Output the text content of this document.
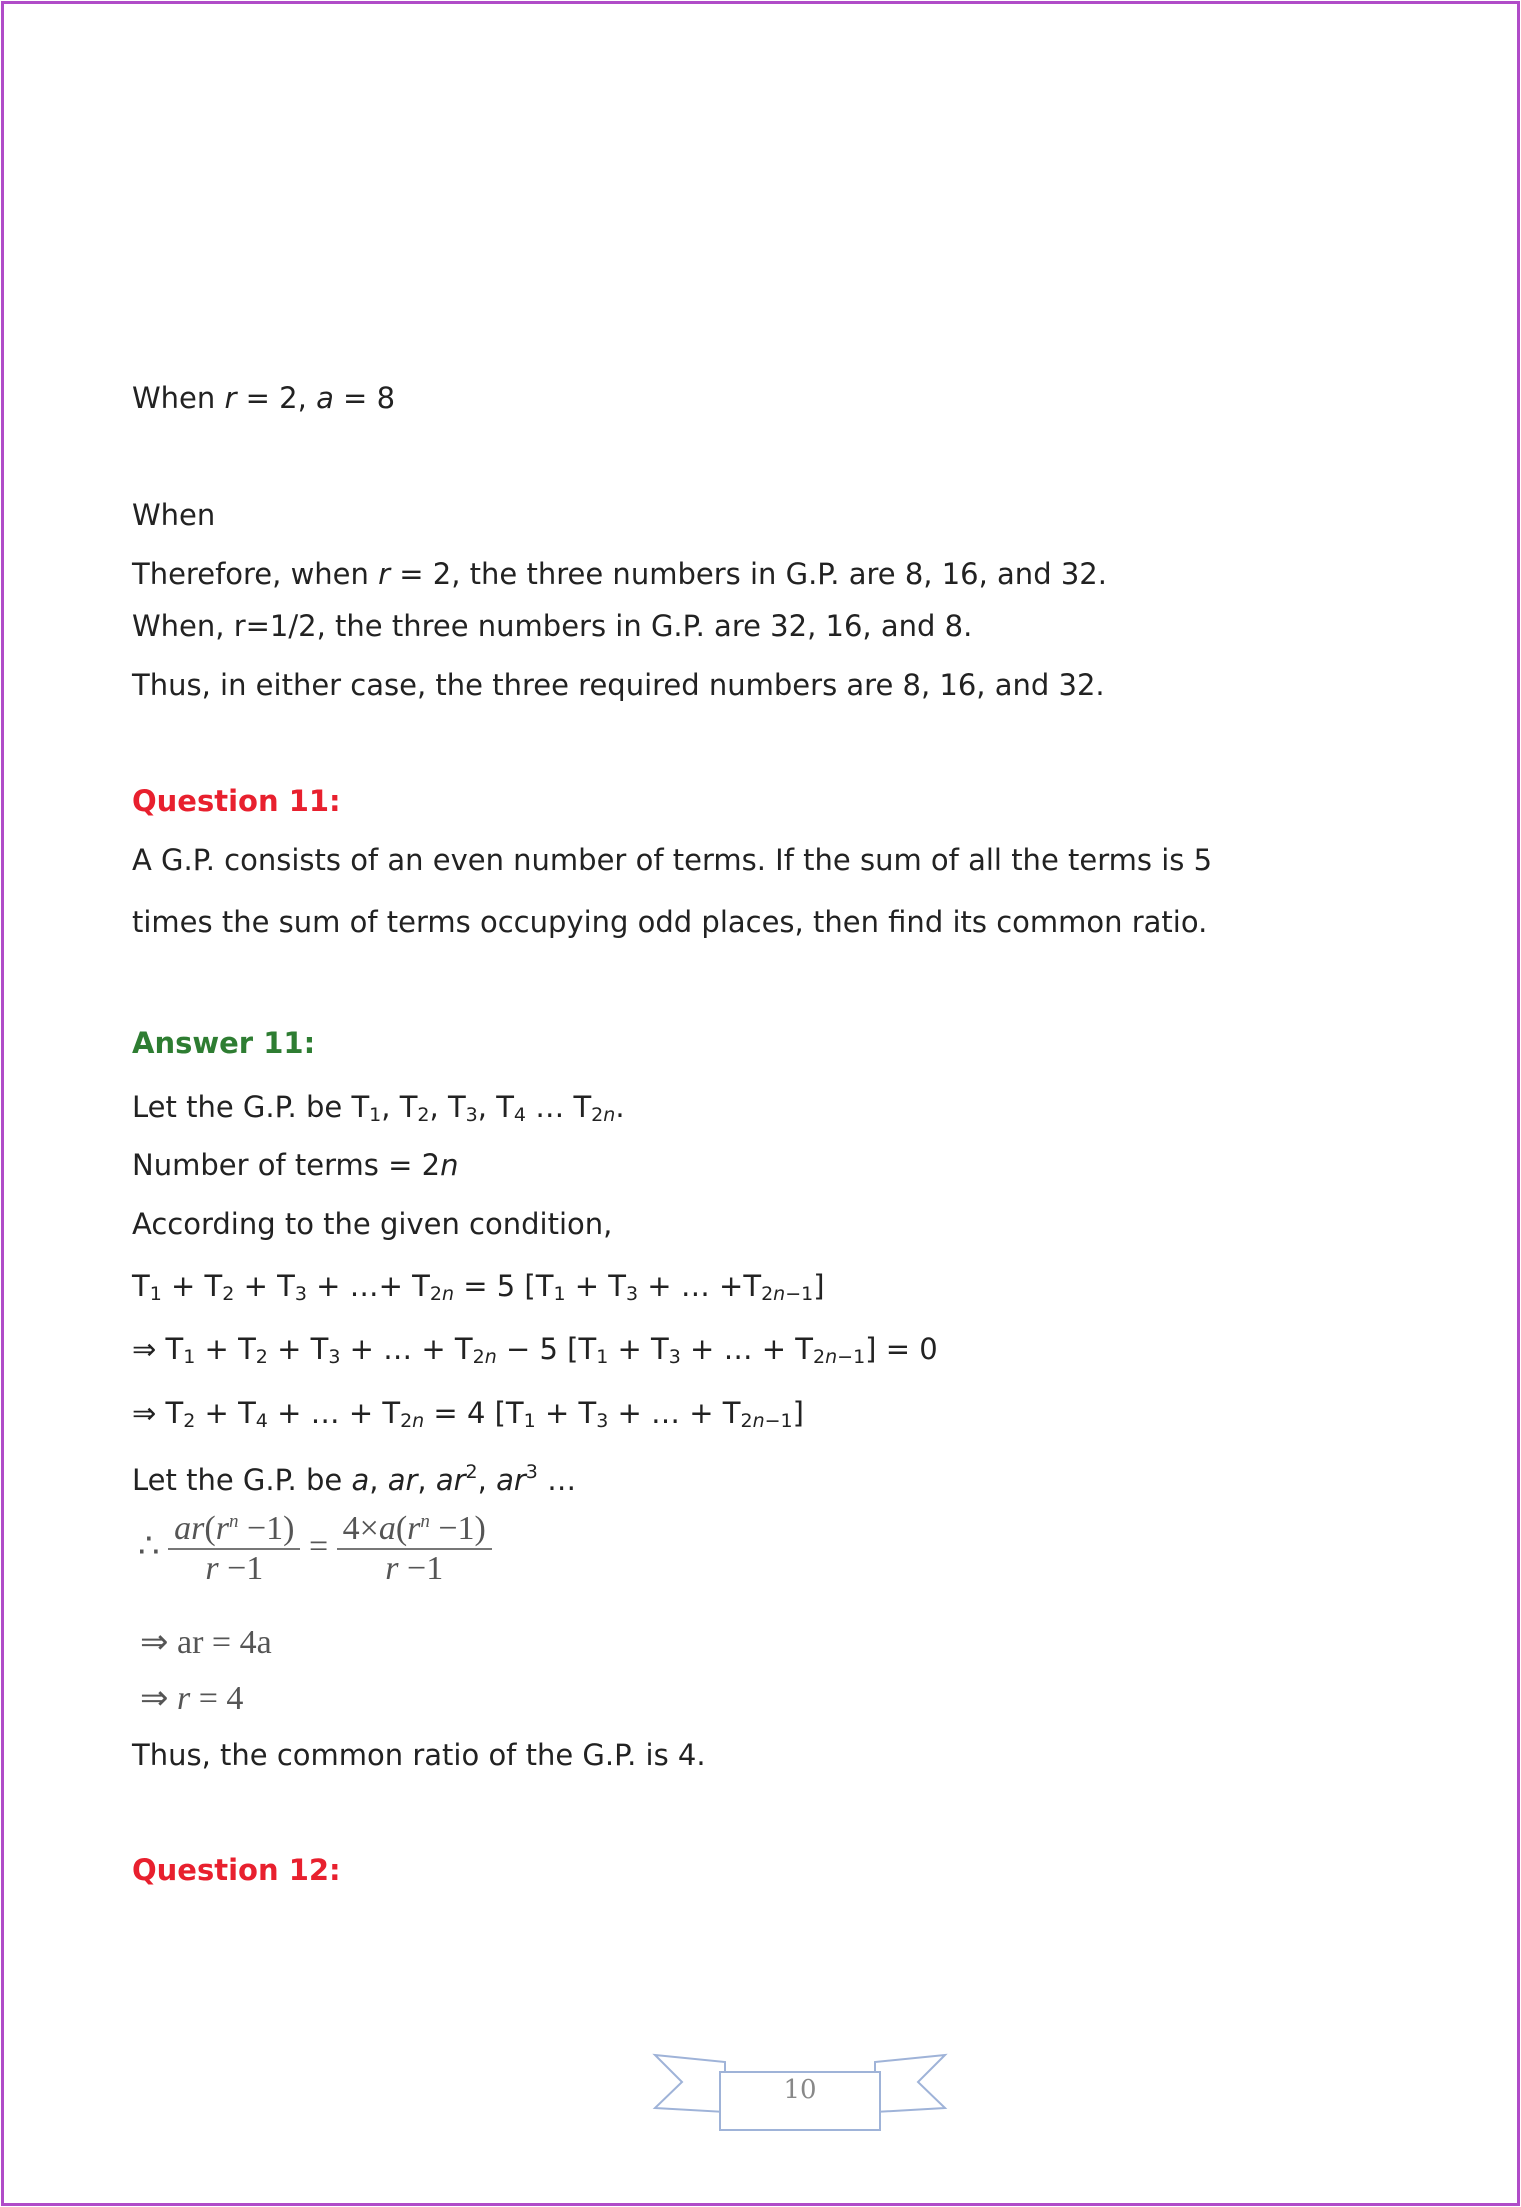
When r = 2, a = 8
When
Therefore, when r = 2, the three numbers in G.P. are 8, 16, and 32.
When, r=1/2, the three numbers in G.P. are 32, 16, and 8.
Thus, in either case, the three required numbers are 8, 16, and 32.
Question 11:
A G.P. consists of an even number of terms. If the sum of all the terms is 5
times the sum of terms occupying odd places, then find its common ratio.
Answer 11:
Let the G.P. be $T_1$, $T_2$, $T_3$, $T_4$ … $T_{2n}$.
Number of terms = 2n
According to the given condition,
$T_1 + T_2 + T_3$ + …+ $T_{2n} = 5$ [$T_1 + T_3$ + … $+T_{2n-1}$]
⇒ $T_1 + T_2 + T_3$ + … + $T_{2n} - 5$ [$T_1 + T_3$ + … + $T_{2n-1}] = 0$
⇒ $T_2 + T_4$ + … + $T_{2n} = 4$ [$T_1 + T_3$ + … + $T_{2n-1}$]
Let the G.P. be a, ar, $ar^2$, $ar^3$ …
∴ $\frac{ar(r^n -1)}{r -1} = \frac{4\times a(r^n -1)}{r -1}$
⇒ ar = 4a
⇒ r = 4
Thus, the common ratio of the G.P. is 4.
Question 12:
10
